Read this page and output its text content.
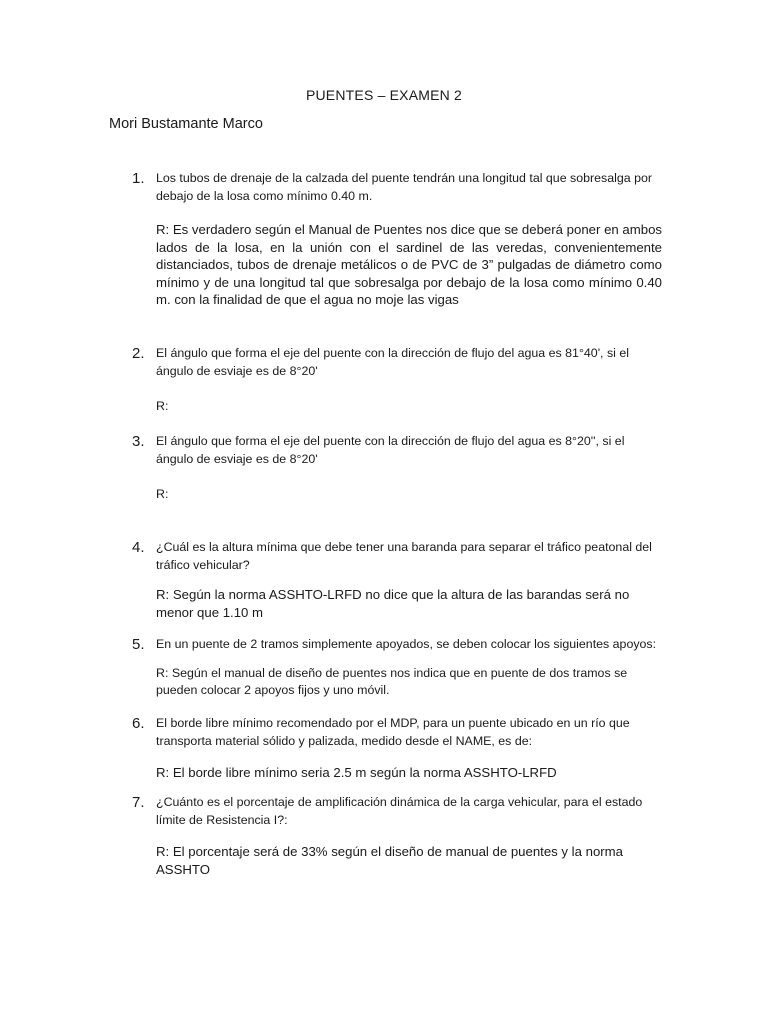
PUENTES – EXAMEN 2
Mori Bustamante Marco
1. Los tubos de drenaje de la calzada del puente tendrán una longitud tal que sobresalga por debajo de la losa como mínimo 0.40 m.
R: Es verdadero según el Manual de Puentes nos dice que se deberá poner en ambos lados de la losa, en la unión con el sardinel de las veredas, convenientemente distanciados, tubos de drenaje metálicos o de PVC de 3” pulgadas de diámetro como mínimo y de una longitud tal que sobresalga por debajo de la losa como mínimo 0.40 m. con la finalidad de que el agua no moje las vigas
2. El ángulo que forma el eje del puente con la dirección de flujo del agua es 81°40', si el ángulo de esviaje es de 8°20'
R:
3. El ángulo que forma el eje del puente con la dirección de flujo del agua es 8°20'', si el ángulo de esviaje es de 8°20'
R:
4. ¿Cuál es la altura mínima que debe tener una baranda para separar el tráfico peatonal del tráfico vehicular?
R: Según la norma ASSHTO-LRFD no dice que la altura de las barandas será no menor que 1.10 m
5. En un puente de 2 tramos simplemente apoyados, se deben colocar los siguientes apoyos:
R: Según el manual de diseño de puentes nos indica que en puente de dos tramos se pueden colocar 2 apoyos fijos y uno móvil.
6. El borde libre mínimo recomendado por el MDP, para un puente ubicado en un río que transporta material sólido y palizada, medido desde el NAME, es de:
R: El borde libre mínimo seria 2.5 m según la norma ASSHTO-LRFD
7. ¿Cuánto es el porcentaje de amplificación dinámica de la carga vehicular, para el estado límite de Resistencia I?:
R: El porcentaje será de 33% según el diseño de manual de puentes y la norma ASSHTO
